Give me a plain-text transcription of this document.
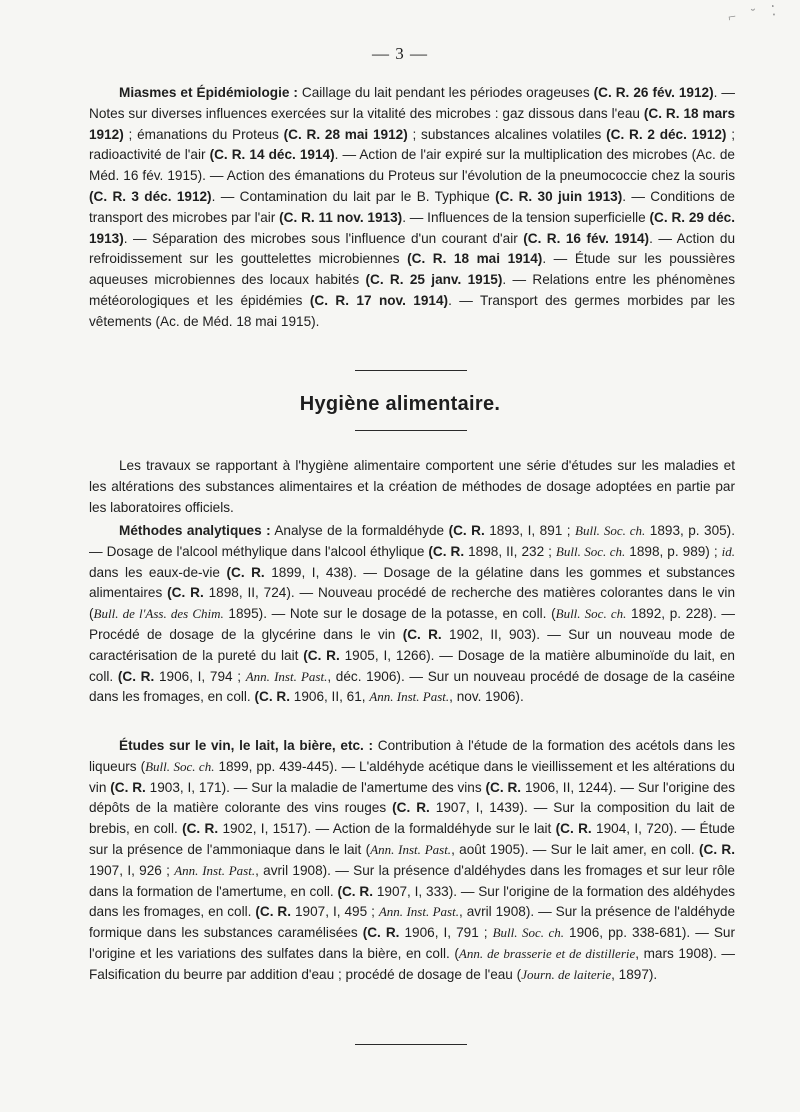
⌐ ˘ ⁚
— 3 —
Miasmes et Épidémiologie : Caillage du lait pendant les périodes orageuses (C. R. 26 fév. 1912). — Notes sur diverses influences exercées sur la vitalité des microbes : gaz dissous dans l'eau (C. R. 18 mars 1912) ; émanations du Proteus (C. R. 28 mai 1912) ; substances alcalines volatiles (C. R. 2 déc. 1912) ; radioactivité de l'air (C. R. 14 déc. 1914). — Action de l'air expiré sur la multiplication des microbes (Ac. de Méd. 16 fév. 1915). — Action des émanations du Proteus sur l'évolution de la pneumococcie chez la souris (C. R. 3 déc. 1912). — Contamination du lait par le B. Typhique (C. R. 30 juin 1913). — Conditions de transport des microbes par l'air (C. R. 11 nov. 1913). — Influences de la tension superficielle (C. R. 29 déc. 1913). — Séparation des microbes sous l'influence d'un courant d'air (C. R. 16 fév. 1914). — Action du refroidissement sur les gouttelettes microbiennes (C. R. 18 mai 1914). — Étude sur les poussières aqueuses microbiennes des locaux habités (C. R. 25 janv. 1915). — Relations entre les phénomènes météorologiques et les épidémies (C. R. 17 nov. 1914). — Transport des germes morbides par les vêtements (Ac. de Méd. 18 mai 1915).
Hygiène alimentaire.
Les travaux se rapportant à l'hygiène alimentaire comportent une série d'études sur les maladies et les altérations des substances alimentaires et la création de méthodes de dosage adoptées en partie par les laboratoires officiels.
Méthodes analytiques : Analyse de la formaldéhyde (C. R. 1893, I, 891 ; Bull. Soc. ch. 1893, p. 305). — Dosage de l'alcool méthylique dans l'alcool éthylique (C. R. 1898, II, 232 ; Bull. Soc. ch. 1898, p. 989) ; id. dans les eaux-de-vie (C. R. 1899, I, 438). — Dosage de la gélatine dans les gommes et substances alimentaires (C. R. 1898, II, 724). — Nouveau procédé de recherche des matières colorantes dans le vin (Bull. de l'Ass. des Chim. 1895). — Note sur le dosage de la potasse, en coll. (Bull. Soc. ch. 1892, p. 228). — Procédé de dosage de la glycérine dans le vin (C. R. 1902, II, 903). — Sur un nouveau mode de caractérisation de la pureté du lait (C. R. 1905, I, 1266). — Dosage de la matière albuminoïde du lait, en coll. (C. R. 1906, I, 794 ; Ann. Inst. Past., déc. 1906). — Sur un nouveau procédé de dosage de la caséine dans les fromages, en coll. (C. R. 1906, II, 61, Ann. Inst. Past., nov. 1906).
Études sur le vin, le lait, la bière, etc. : Contribution à l'étude de la formation des acétols dans les liqueurs (Bull. Soc. ch. 1899, pp. 439-445). — L'aldéhyde acétique dans le vieillissement et les altérations du vin (C. R. 1903, I, 171). — Sur la maladie de l'amertume des vins (C. R. 1906, II, 1244). — Sur l'origine des dépôts de la matière colorante des vins rouges (C. R. 1907, I, 1439). — Sur la composition du lait de brebis, en coll. (C. R. 1902, I, 1517). — Action de la formaldéhyde sur le lait (C. R. 1904, I, 720). — Étude sur la présence de l'ammoniaque dans le lait (Ann. Inst. Past., août 1905). — Sur le lait amer, en coll. (C. R. 1907, I, 926 ; Ann. Inst. Past., avril 1908). — Sur la présence d'aldéhydes dans les fromages et sur leur rôle dans la formation de l'amertume, en coll. (C. R. 1907, I, 333). — Sur l'origine de la formation des aldéhydes dans les fromages, en coll. (C. R. 1907, I, 495 ; Ann. Inst. Past., avril 1908). — Sur la présence de l'aldéhyde formique dans les substances caramélisées (C. R. 1906, I, 791 ; Bull. Soc. ch. 1906, pp. 338-681). — Sur l'origine et les variations des sulfates dans la bière, en coll. (Ann. de brasserie et de distillerie, mars 1908). — Falsification du beurre par addition d'eau ; procédé de dosage de l'eau (Journ. de laiterie, 1897).
